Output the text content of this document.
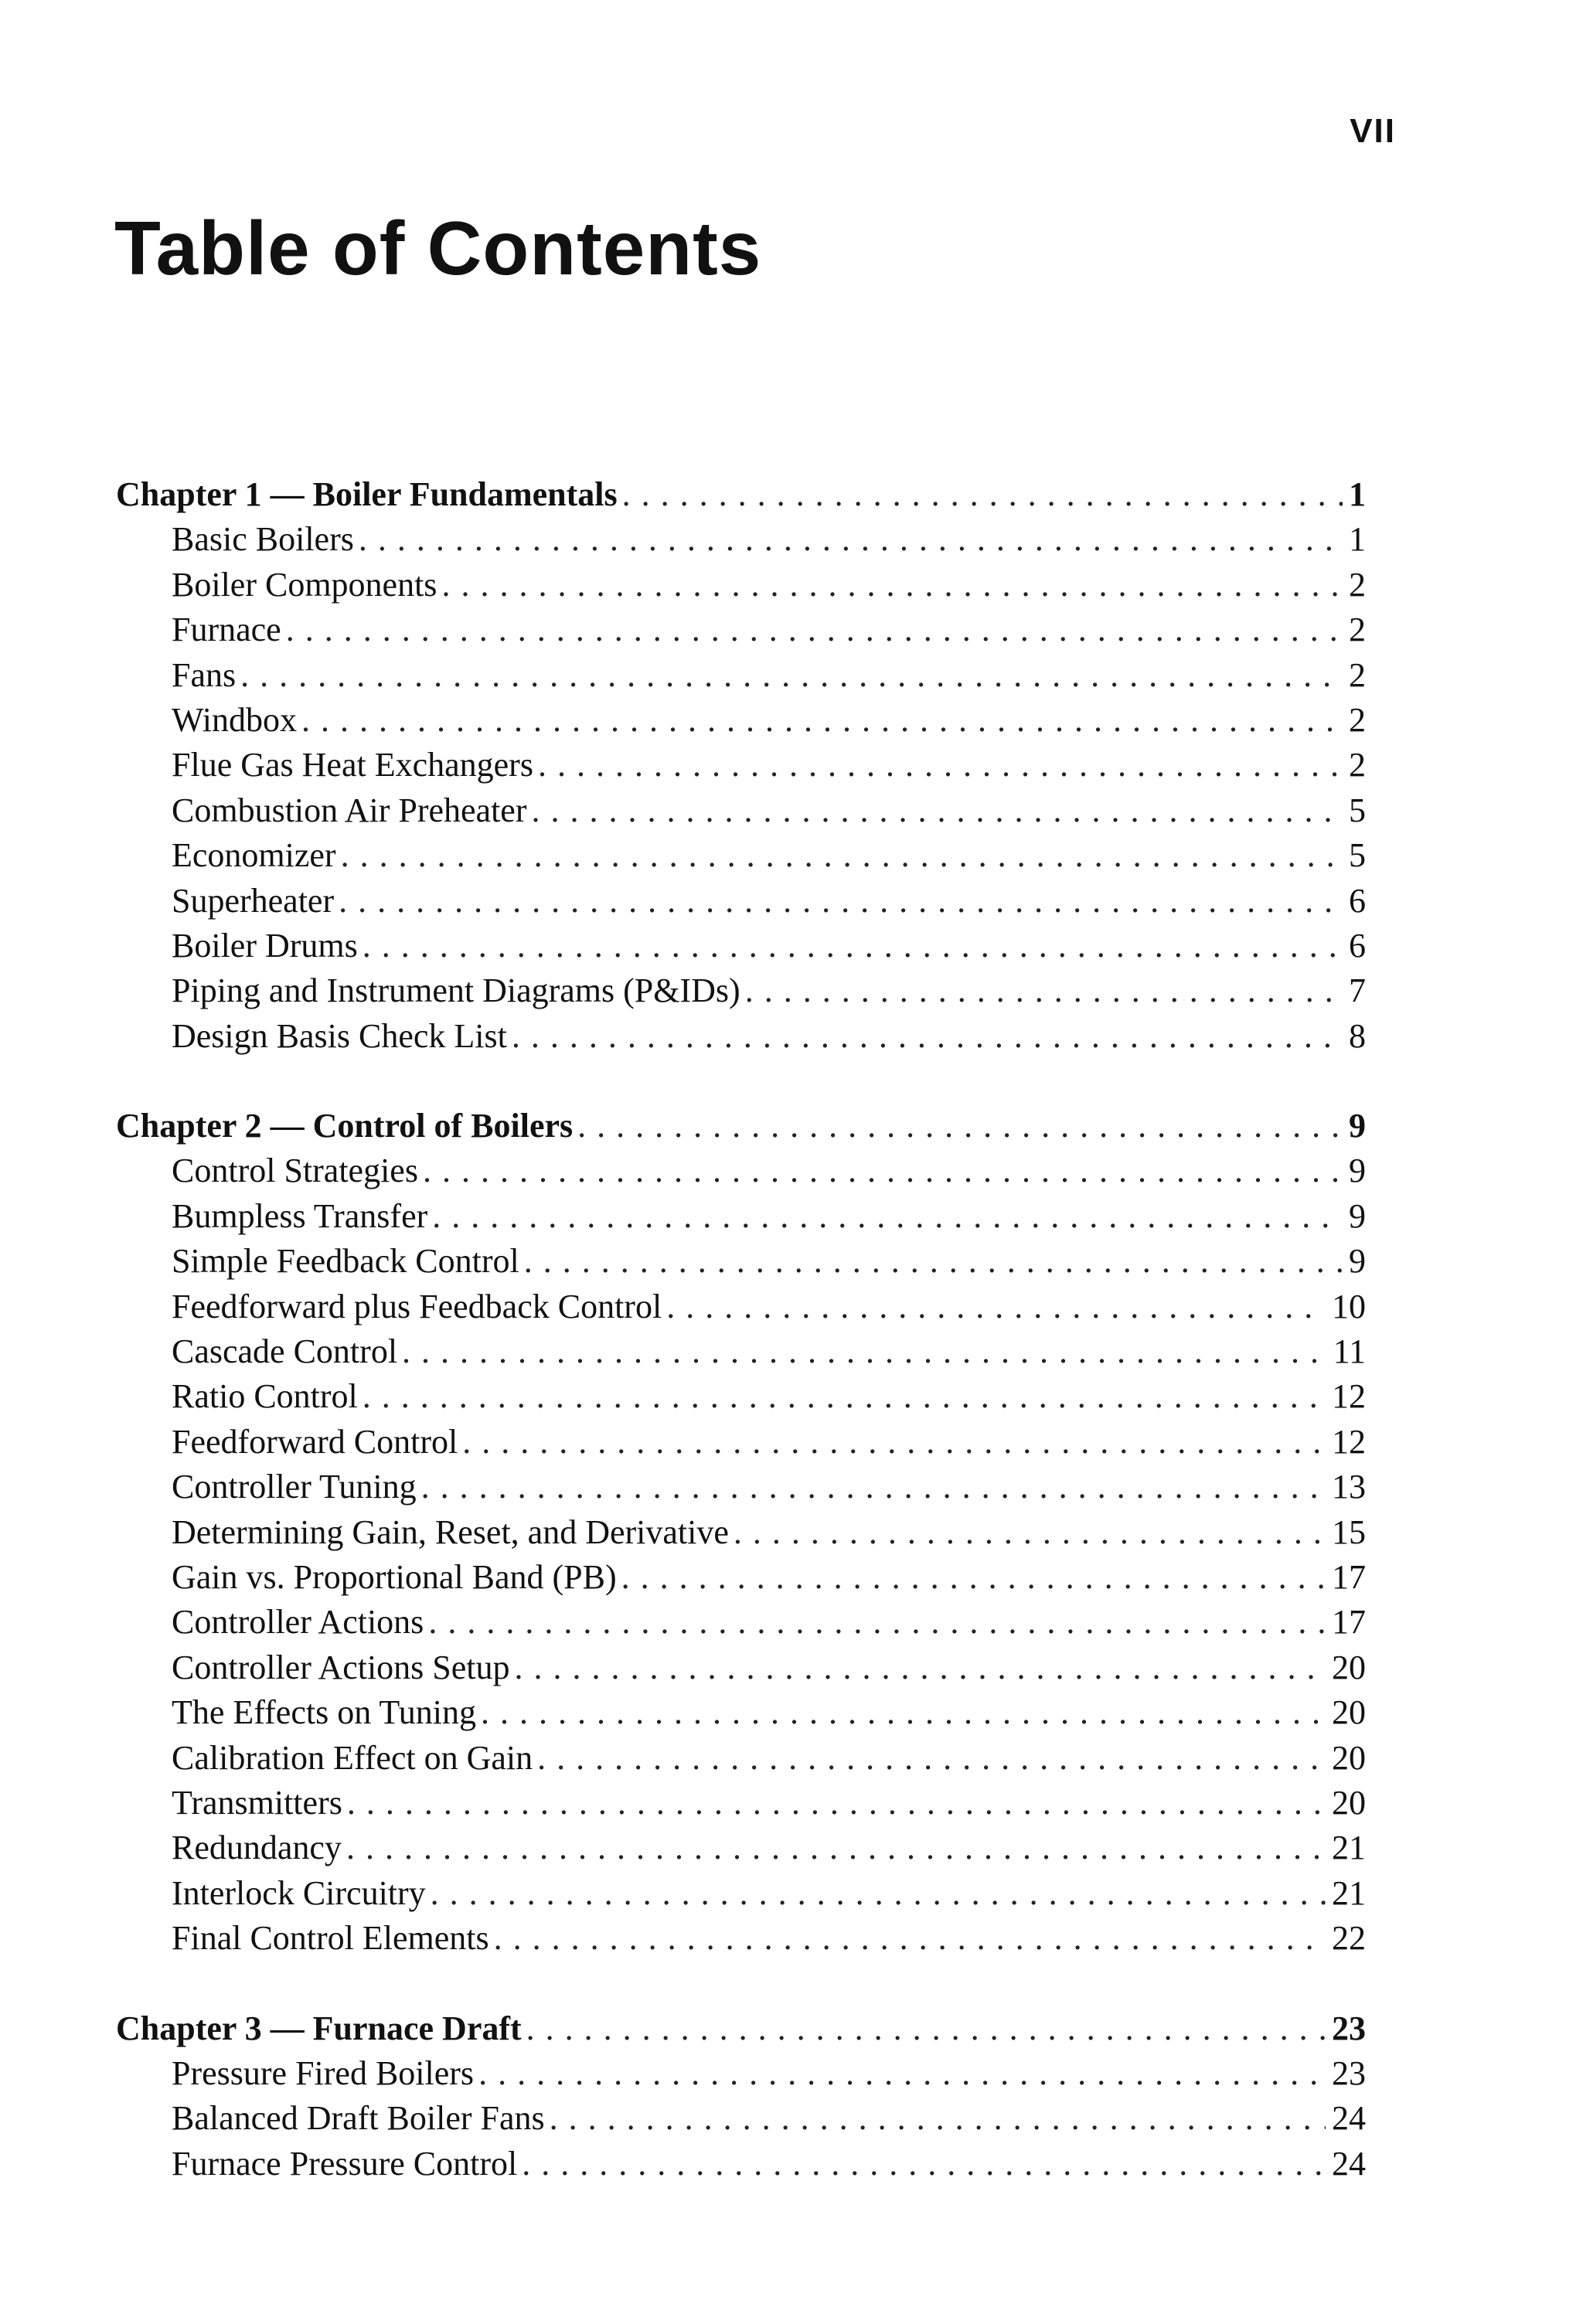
VII
Table of Contents
Chapter 1 — Boiler Fundamentals . . .	1
Basic Boilers . . .	1
Boiler Components . . .	2
Furnace . . .	2
Fans . . .	2
Windbox . . .	2
Flue Gas Heat Exchangers . . .	2
Combustion Air Preheater . . .	5
Economizer . . .	5
Superheater . . .	6
Boiler Drums . . .	6
Piping and Instrument Diagrams (P&IDs) . . .	7
Design Basis Check List . . .	8
Chapter 2 — Control of Boilers . . .	9
Control Strategies . . .	9
Bumpless Transfer . . .	9
Simple Feedback Control . . .	9
Feedforward plus Feedback Control . . .	10
Cascade Control . . .	11
Ratio Control . . .	12
Feedforward Control . . .	12
Controller Tuning . . .	13
Determining Gain, Reset, and Derivative . . .	15
Gain vs. Proportional Band (PB) . . .	17
Controller Actions . . .	17
Controller Actions Setup . . .	20
The Effects on Tuning . . .	20
Calibration Effect on Gain . . .	20
Transmitters . . .	20
Redundancy . . .	21
Interlock Circuitry . . .	21
Final Control Elements . . .	22
Chapter 3 — Furnace Draft . . .	23
Pressure Fired Boilers . . .	23
Balanced Draft Boiler Fans . . .	24
Furnace Pressure Control . . .	24
